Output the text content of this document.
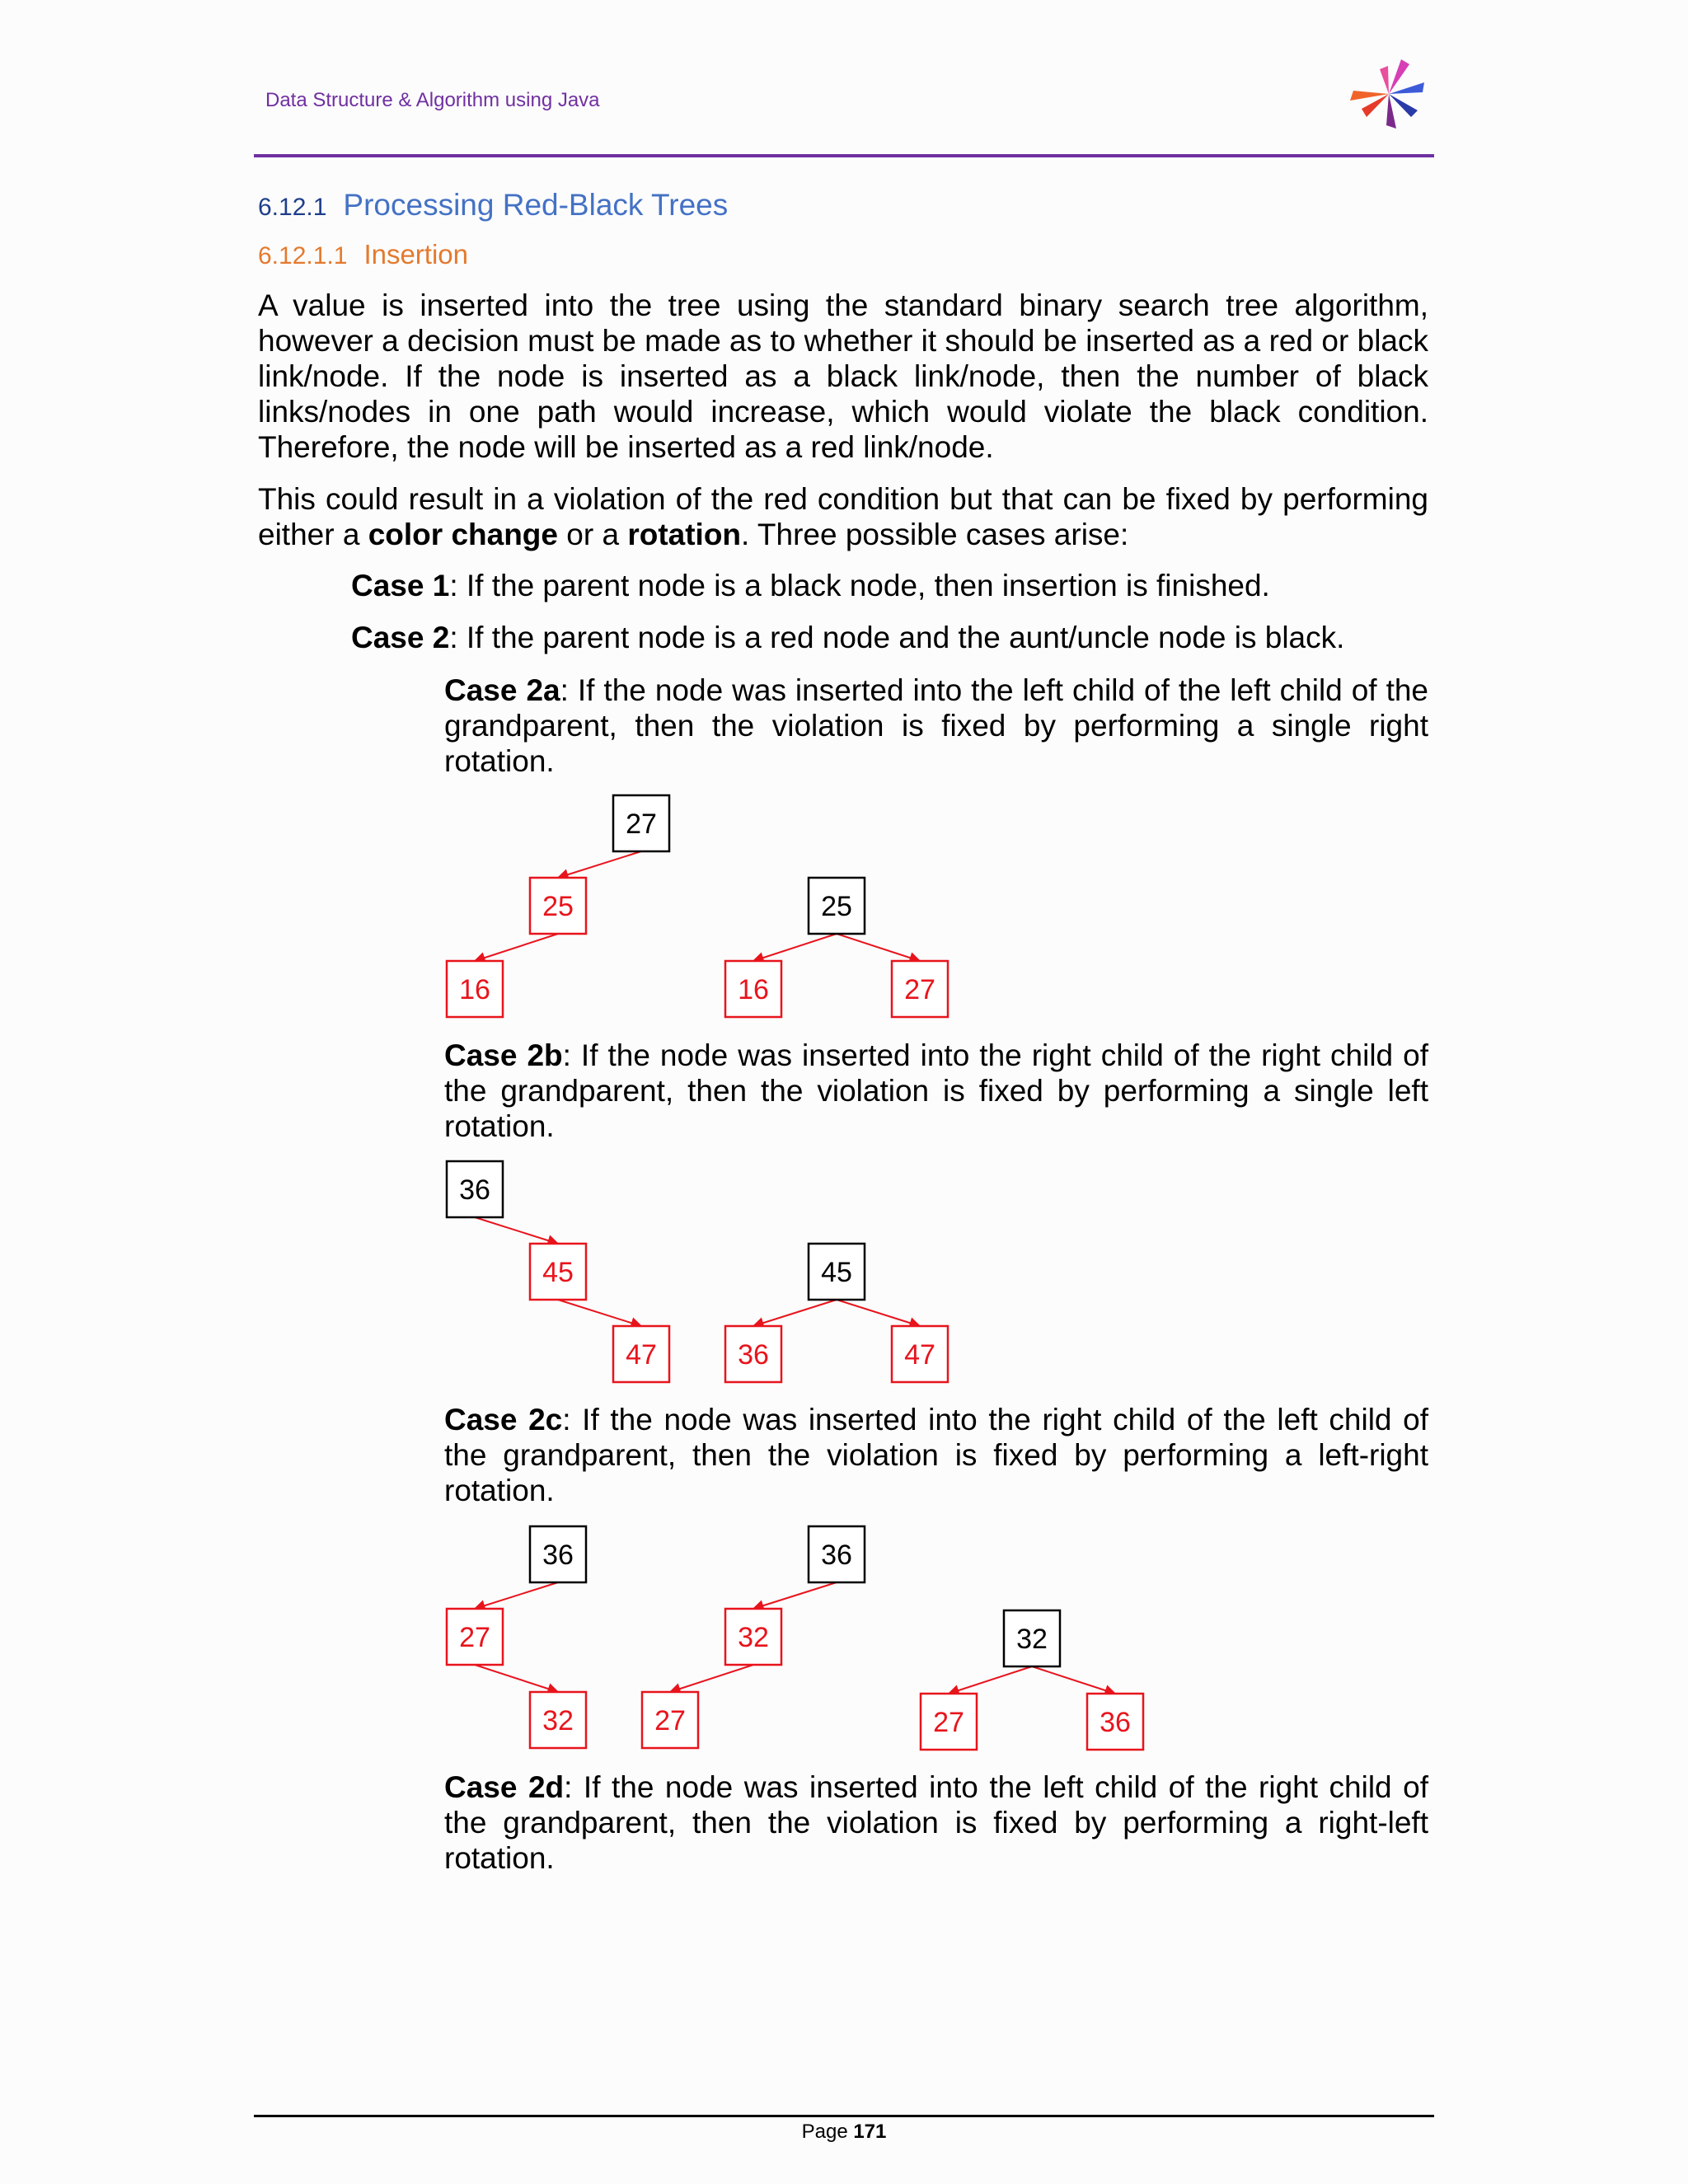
Data Structure & Algorithm using Java
6.12.1 Processing Red-Black Trees
6.12.1.1 Insertion

A value is inserted into the tree using the standard binary search tree algorithm, however a decision must be made as to whether it should be inserted as a red or black link/node. If the node is inserted as a black link/node, then the number of black links/nodes in one path would increase, which would violate the black condition. Therefore, the node will be inserted as a red link/node.

This could result in a violation of the red condition but that can be fixed by performing either a color change or a rotation. Three possible cases arise:

Case 1: If the parent node is a black node, then insertion is finished.

Case 2: If the parent node is a red node and the aunt/uncle node is black.

Case 2a: If the node was inserted into the left child of the left child of the grandparent, then the violation is fixed by performing a single right rotation.

Case 2b: If the node was inserted into the right child of the right child of the grandparent, then the violation is fixed by performing a single left rotation.

Case 2c: If the node was inserted into the right child of the left child of the grandparent, then the violation is fixed by performing a left-right rotation.

Case 2d: If the node was inserted into the left child of the right child of the grandparent, then the violation is fixed by performing a right-left rotation.

27
25
16
25
16	27
36
45
47
45
36	47
36
27
32
36
32
27
32
27	36
Page 171
